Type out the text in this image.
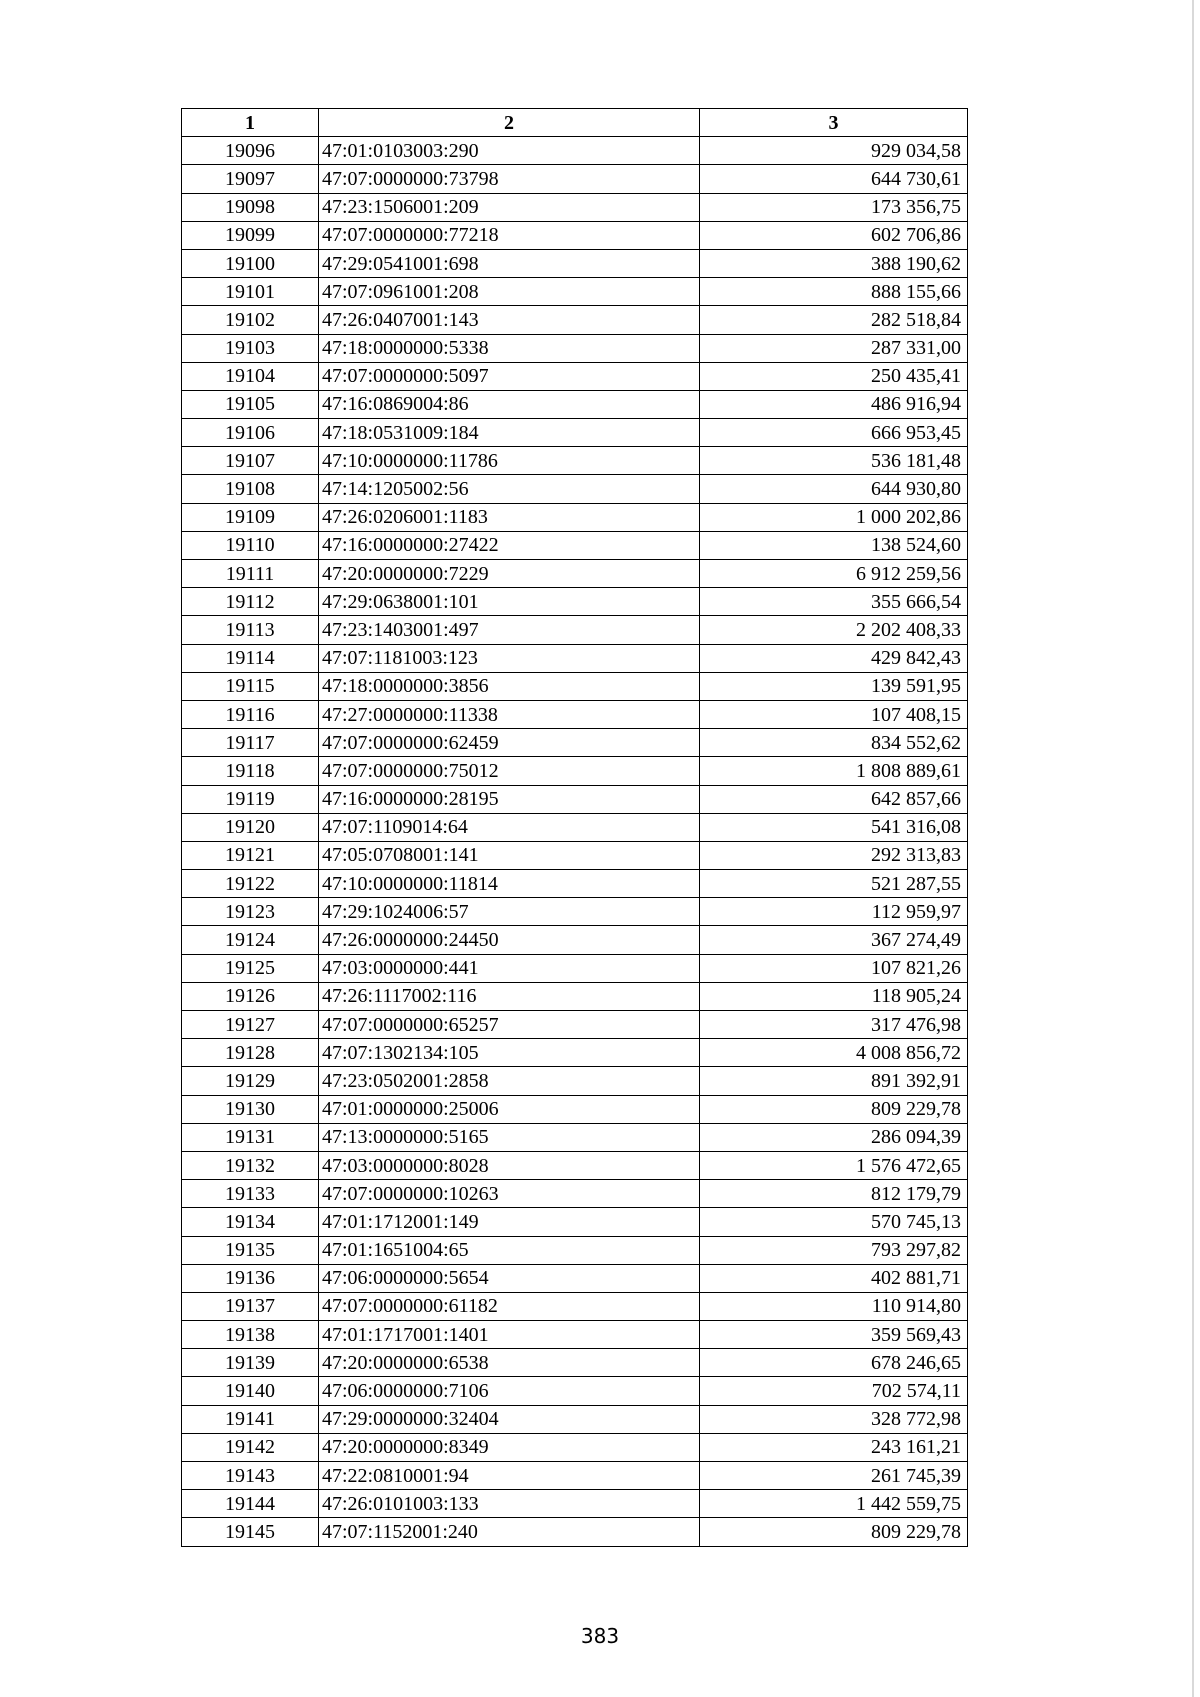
1	2	3
19096	47:01:0103003:290	929 034,58
19097	47:07:0000000:73798	644 730,61
19098	47:23:1506001:209	173 356,75
19099	47:07:0000000:77218	602 706,86
19100	47:29:0541001:698	388 190,62
19101	47:07:0961001:208	888 155,66
19102	47:26:0407001:143	282 518,84
19103	47:18:0000000:5338	287 331,00
19104	47:07:0000000:5097	250 435,41
19105	47:16:0869004:86	486 916,94
19106	47:18:0531009:184	666 953,45
19107	47:10:0000000:11786	536 181,48
19108	47:14:1205002:56	644 930,80
19109	47:26:0206001:1183	1 000 202,86
19110	47:16:0000000:27422	138 524,60
19111	47:20:0000000:7229	6 912 259,56
19112	47:29:0638001:101	355 666,54
19113	47:23:1403001:497	2 202 408,33
19114	47:07:1181003:123	429 842,43
19115	47:18:0000000:3856	139 591,95
19116	47:27:0000000:11338	107 408,15
19117	47:07:0000000:62459	834 552,62
19118	47:07:0000000:75012	1 808 889,61
19119	47:16:0000000:28195	642 857,66
19120	47:07:1109014:64	541 316,08
19121	47:05:0708001:141	292 313,83
19122	47:10:0000000:11814	521 287,55
19123	47:29:1024006:57	112 959,97
19124	47:26:0000000:24450	367 274,49
19125	47:03:0000000:441	107 821,26
19126	47:26:1117002:116	118 905,24
19127	47:07:0000000:65257	317 476,98
19128	47:07:1302134:105	4 008 856,72
19129	47:23:0502001:2858	891 392,91
19130	47:01:0000000:25006	809 229,78
19131	47:13:0000000:5165	286 094,39
19132	47:03:0000000:8028	1 576 472,65
19133	47:07:0000000:10263	812 179,79
19134	47:01:1712001:149	570 745,13
19135	47:01:1651004:65	793 297,82
19136	47:06:0000000:5654	402 881,71
19137	47:07:0000000:61182	110 914,80
19138	47:01:1717001:1401	359 569,43
19139	47:20:0000000:6538	678 246,65
19140	47:06:0000000:7106	702 574,11
19141	47:29:0000000:32404	328 772,98
19142	47:20:0000000:8349	243 161,21
19143	47:22:0810001:94	261 745,39
19144	47:26:0101003:133	1 442 559,75
19145	47:07:1152001:240	809 229,78
383
